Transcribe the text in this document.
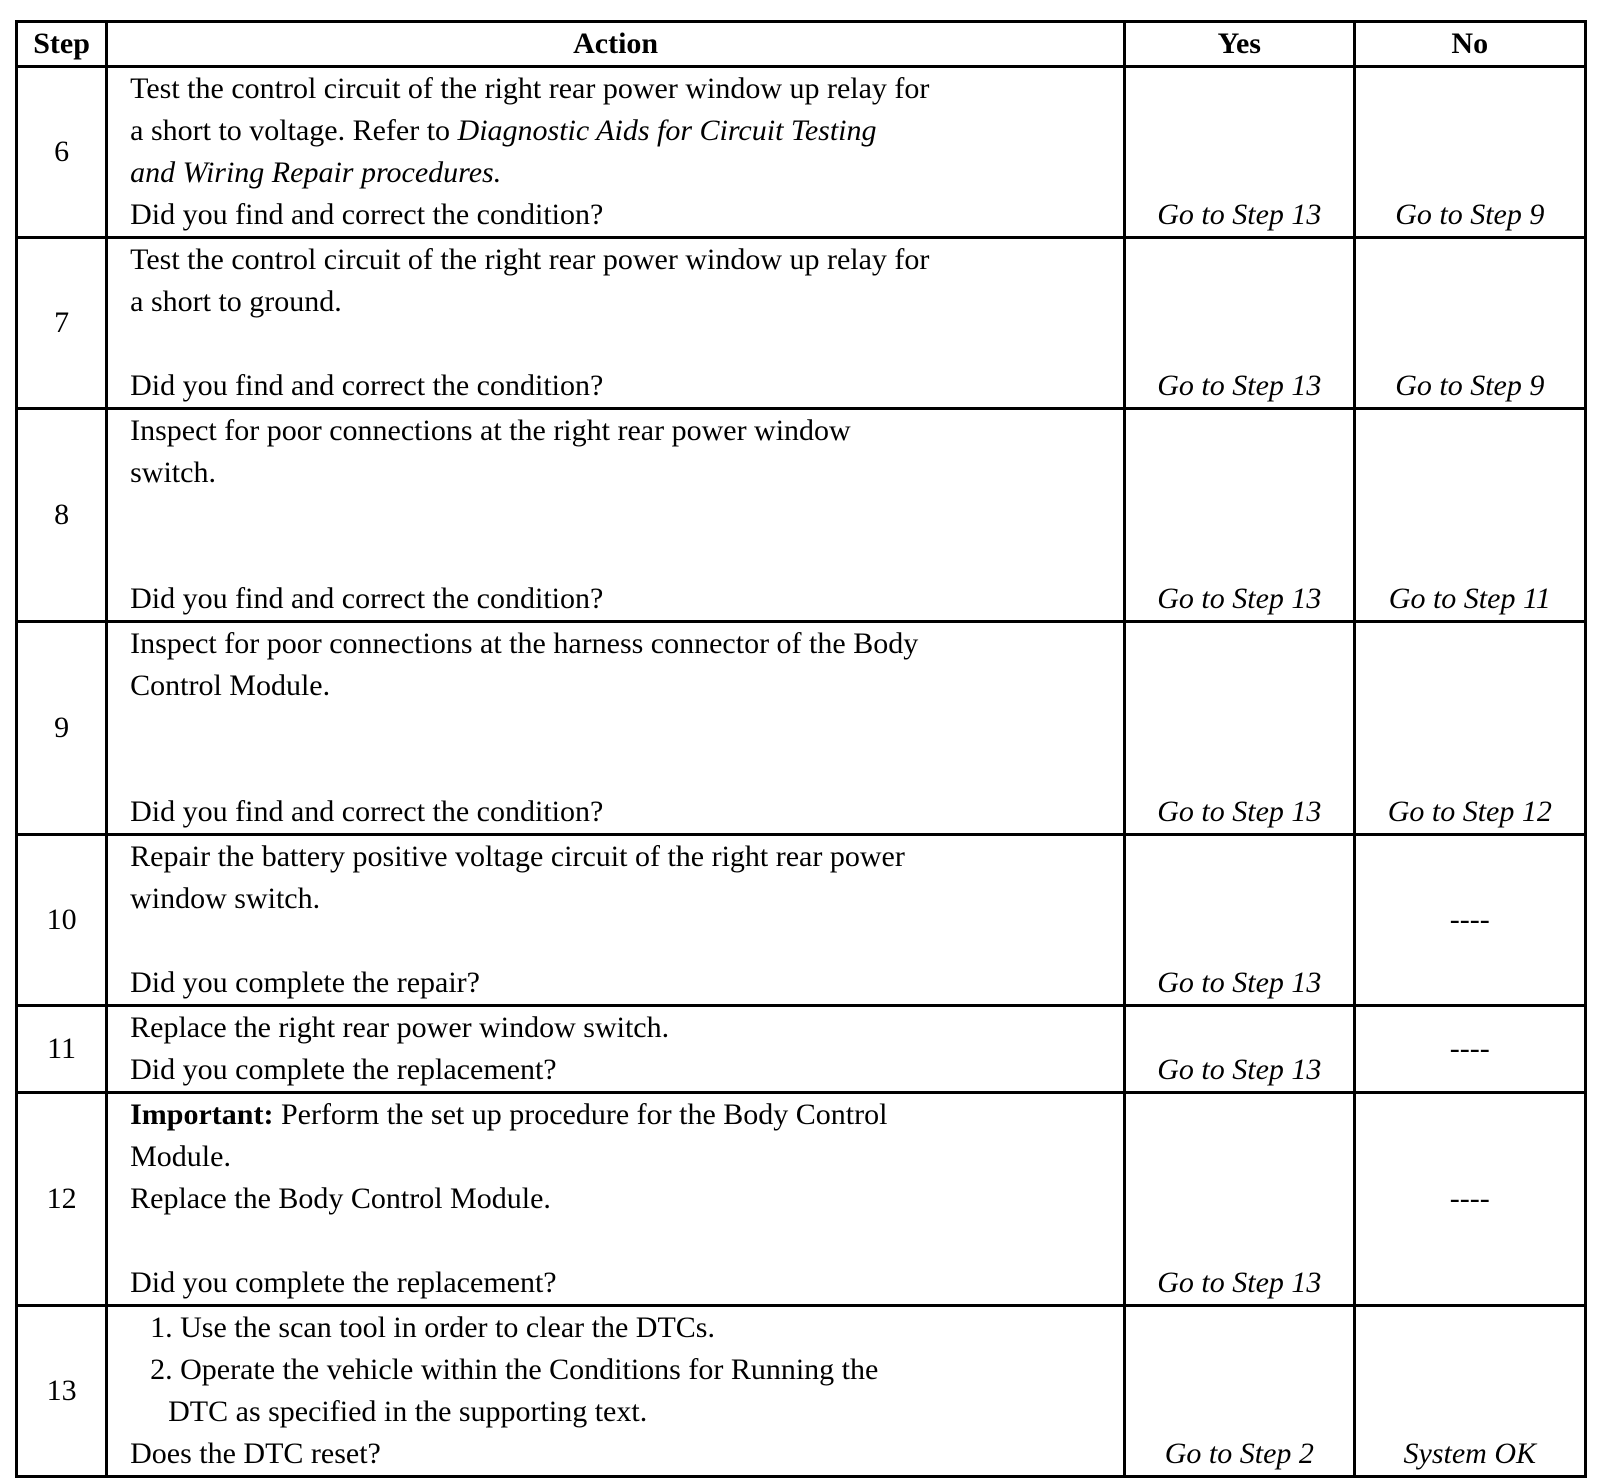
Step	Action	Yes	No
6	Test the control circuit of the right rear power window up relay for
a short to voltage. Refer to Diagnostic Aids for Circuit Testing
and Wiring Repair procedures.
Did you find and correct the condition?	Go to Step 13	Go to Step 9

7	Test the control circuit of the right rear power window up relay for
a short to ground.
Did you find and correct the condition?	Go to Step 13	Go to Step 9

8	Inspect for poor connections at the right rear power window
switch.
Did you find and correct the condition?	Go to Step 13	Go to Step 11

9	Inspect for poor connections at the harness connector of the Body
Control Module.
Did you find and correct the condition?	Go to Step 13	Go to Step 12

10	Repair the battery positive voltage circuit of the right rear power
window switch.
Did you complete the repair?	Go to Step 13	----
11	Replace the right rear power window switch.
Did you complete the replacement?	Go to Step 13	----
12	Important: Perform the set up procedure for the Body Control
Module.
Replace the Body Control Module.
Did you complete the replacement?	Go to Step 13	----
13	1. Use the scan tool in order to clear the DTCs.
2. Operate the vehicle within the Conditions for Running the
DTC as specified in the supporting text.
Does the DTC reset?	Go to Step 2	System OK
